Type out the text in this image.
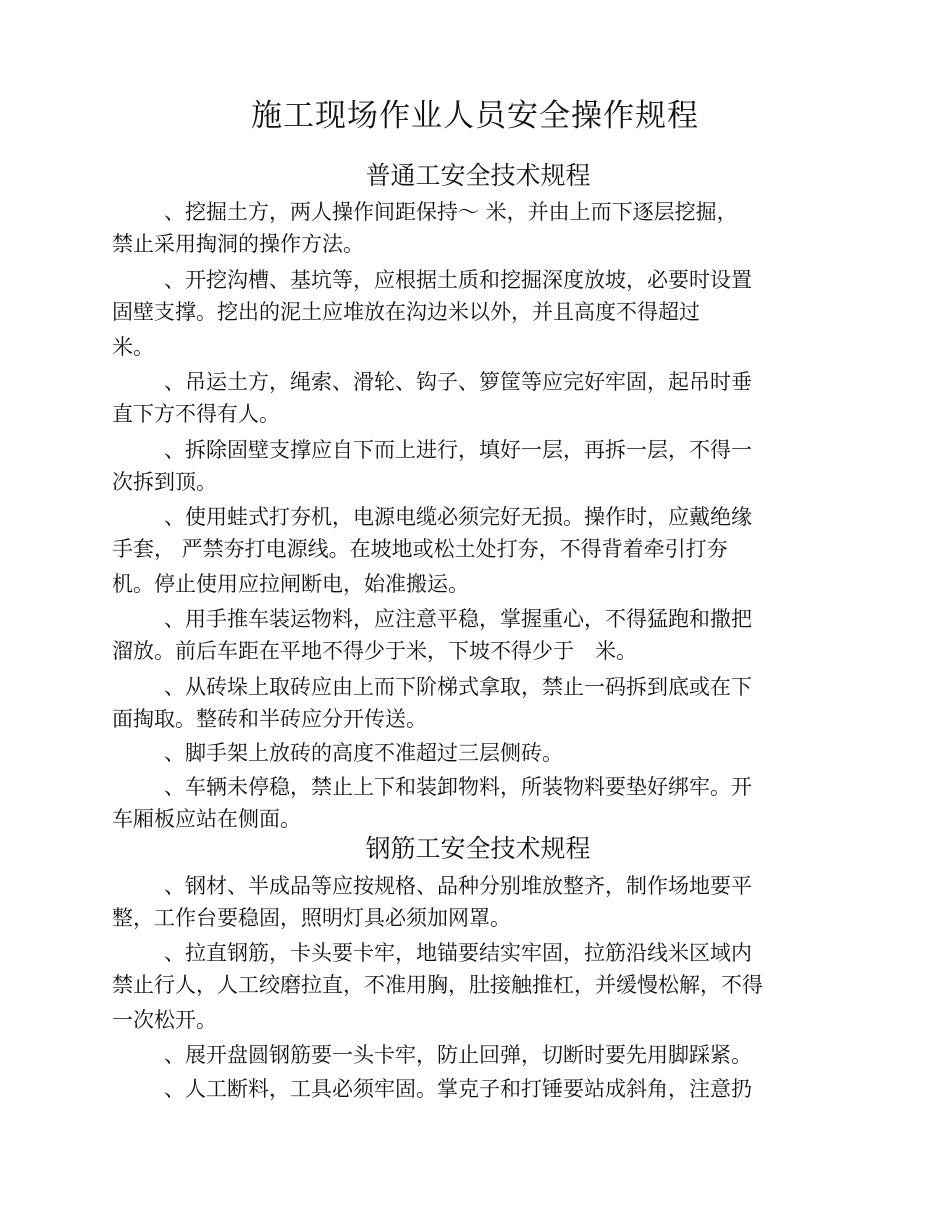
施工现场作业人员安全操作规程
普通工安全技术规程

、挖掘土方，两人操作间距保持～ 米，并由上而下逐层挖掘，

禁止采用掏洞的操作方法。

、开挖沟槽、基坑等，应根据土质和挖掘深度放坡，必要时设置

固壁支撑。挖出的泥土应堆放在沟边米以外，并且高度不得超过

米。

、吊运土方，绳索、滑轮、钩子、箩筐等应完好牢固，起吊时垂

直下方不得有人。

、拆除固壁支撑应自下而上进行，填好一层，再拆一层，不得一

次拆到顶。

、使用蛙式打夯机，电源电缆必须完好无损。操作时，应戴绝缘

手套， 严禁夯打电源线。在坡地或松土处打夯，不得背着牵引打夯

机。停止使用应拉闸断电，始准搬运。

、用手推车装运物料，应注意平稳，掌握重心，不得猛跑和撒把

溜放。前后车距在平地不得少于米，下坡不得少于　米。

、从砖垛上取砖应由上而下阶梯式拿取，禁止一码拆到底或在下

面掏取。整砖和半砖应分开传送。

、脚手架上放砖的高度不准超过三层侧砖。

、车辆未停稳，禁止上下和装卸物料，所装物料要垫好绑牢。开

车厢板应站在侧面。

钢筋工安全技术规程

、钢材、半成品等应按规格、品种分别堆放整齐，制作场地要平

整，工作台要稳固，照明灯具必须加网罩。

、拉直钢筋，卡头要卡牢，地锚要结实牢固，拉筋沿线米区域内

禁止行人，人工绞磨拉直，不准用胸，肚接触推杠，并缓慢松解，不得

一次松开。

、展开盘圆钢筋要一头卡牢，防止回弹，切断时要先用脚踩紧。

、人工断料，工具必须牢固。掌克子和打锤要站成斜角，注意扔
